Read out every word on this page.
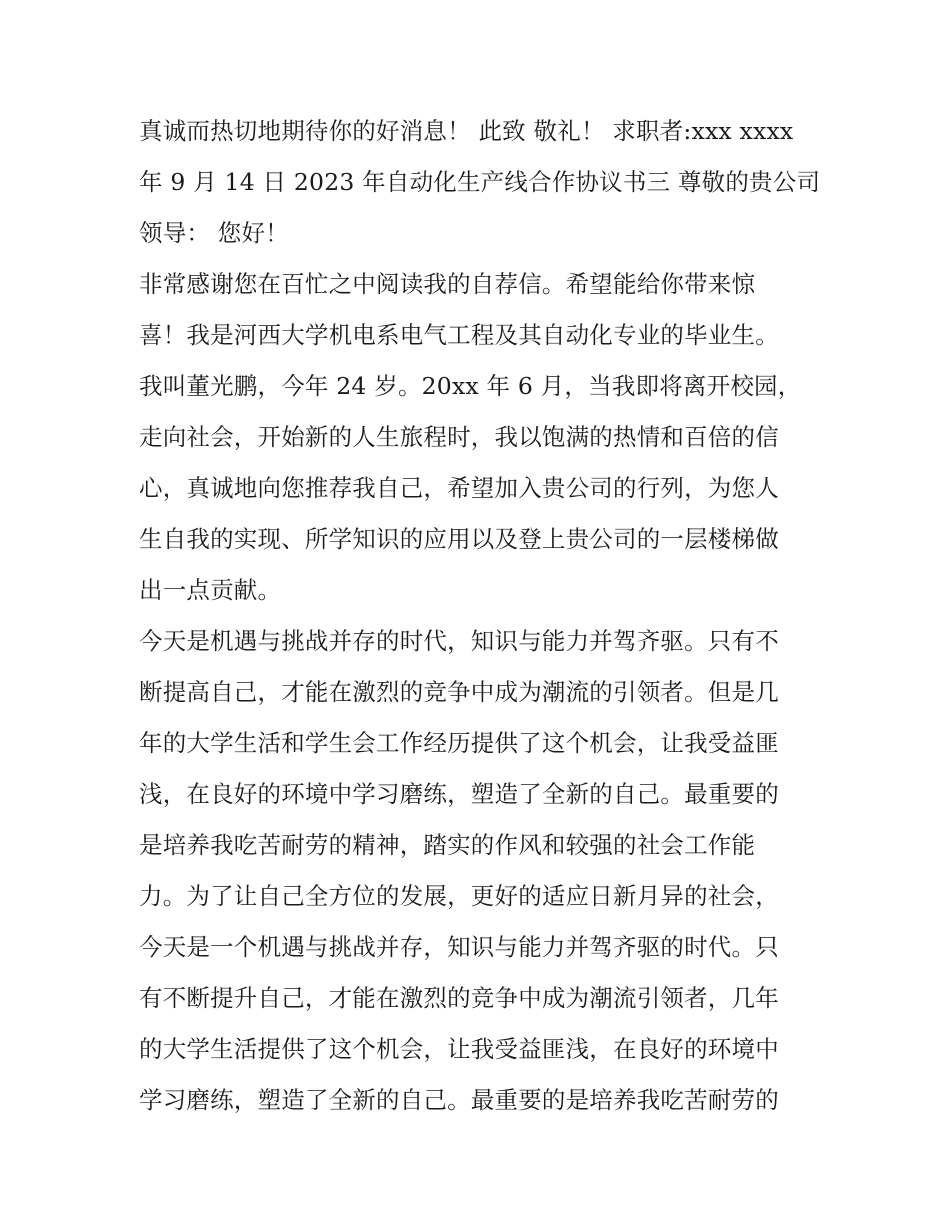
真诚而热切地期待你的好消息！ 此致 敬礼！ 求职者:xxx xxxx
年 9 月 14 日 2023 年自动化生产线合作协议书三 尊敬的贵公司
领导： 您好！
非常感谢您在百忙之中阅读我的自荐信。希望能给你带来惊
喜！我是河西大学机电系电气工程及其自动化专业的毕业生。
我叫董光鹏，今年 24 岁。20xx 年 6 月，当我即将离开校园，
走向社会，开始新的人生旅程时，我以饱满的热情和百倍的信
心，真诚地向您推荐我自己，希望加入贵公司的行列，为您人
生自我的实现、所学知识的应用以及登上贵公司的一层楼梯做
出一点贡献。
今天是机遇与挑战并存的时代，知识与能力并驾齐驱。只有不
断提高自己，才能在激烈的竞争中成为潮流的引领者。但是几
年的大学生活和学生会工作经历提供了这个机会，让我受益匪
浅，在良好的环境中学习磨练，塑造了全新的自己。最重要的
是培养我吃苦耐劳的精神，踏实的作风和较强的社会工作能
力。为了让自己全方位的发展，更好的适应日新月异的社会，
今天是一个机遇与挑战并存，知识与能力并驾齐驱的时代。只
有不断提升自己，才能在激烈的竞争中成为潮流引领者，几年
的大学生活提供了这个机会，让我受益匪浅，在良好的环境中
学习磨练，塑造了全新的自己。最重要的是培养我吃苦耐劳的
